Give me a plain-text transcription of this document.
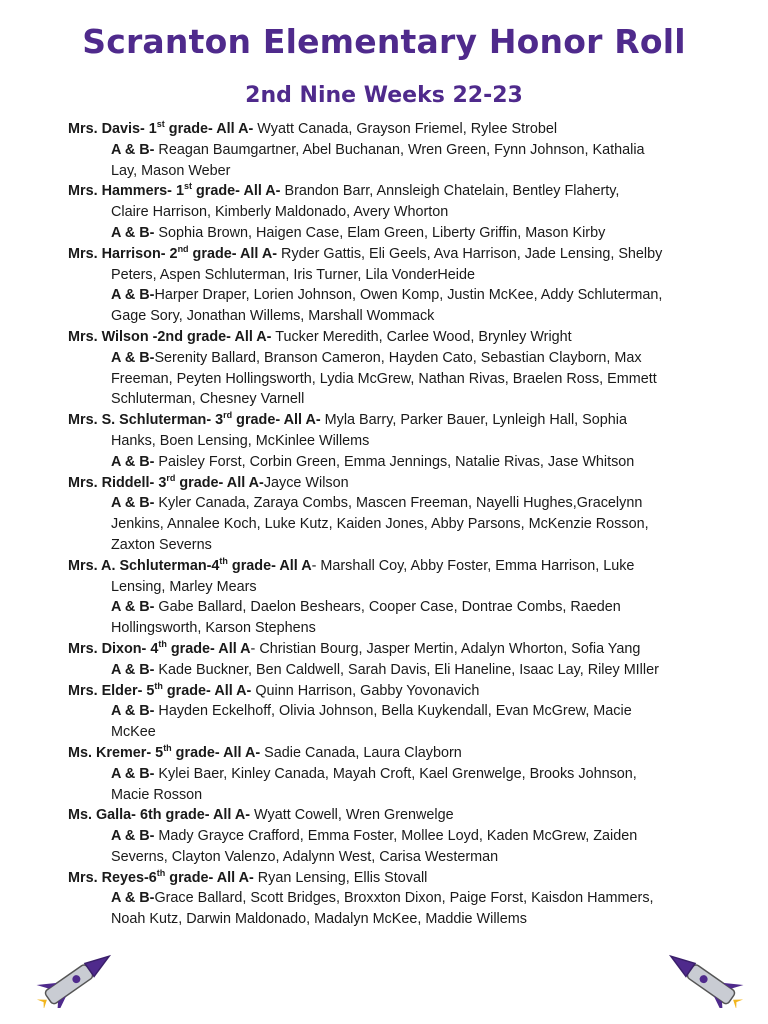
Scranton Elementary Honor Roll
2nd Nine Weeks 22-23
Mrs. Davis- 1st grade- All A- Wyatt Canada, Grayson Friemel, Rylee Strobel
A & B- Reagan Baumgartner, Abel Buchanan, Wren Green, Fynn Johnson, Kathalia
Lay, Mason Weber
Mrs. Hammers- 1st grade- All A- Brandon Barr, Annsleigh Chatelain, Bentley Flaherty,
Claire Harrison, Kimberly Maldonado, Avery Whorton
A & B- Sophia Brown, Haigen Case, Elam Green, Liberty Griffin, Mason Kirby
Mrs. Harrison- 2nd grade- All A- Ryder Gattis, Eli Geels, Ava Harrison, Jade Lensing, Shelby
Peters, Aspen Schluterman, Iris Turner, Lila VonderHeide
A & B-Harper Draper, Lorien Johnson, Owen Komp, Justin McKee, Addy Schluterman,
Gage Sory, Jonathan Willems, Marshall Wommack
Mrs. Wilson -2nd grade- All A- Tucker Meredith, Carlee Wood, Brynley Wright
A & B-Serenity Ballard, Branson Cameron, Hayden Cato, Sebastian Clayborn, Max
Freeman, Peyten Hollingsworth, Lydia McGrew, Nathan Rivas, Braelen Ross, Emmett
Schluterman, Chesney Varnell
Mrs. S. Schluterman- 3rd grade- All A- Myla Barry, Parker Bauer, Lynleigh Hall, Sophia
Hanks, Boen Lensing, McKinlee Willems
A & B- Paisley Forst, Corbin Green, Emma Jennings, Natalie Rivas, Jase Whitson
Mrs. Riddell- 3rd grade- All A-Jayce Wilson
A & B- Kyler Canada, Zaraya Combs, Mascen Freeman, Nayelli Hughes,Gracelynn
Jenkins, Annalee Koch, Luke Kutz, Kaiden Jones, Abby Parsons, McKenzie Rosson,
Zaxton Severns
Mrs. A. Schluterman-4th grade- All A- Marshall Coy, Abby Foster, Emma Harrison, Luke
Lensing, Marley Mears
A & B- Gabe Ballard, Daelon Beshears, Cooper Case, Dontrae Combs, Raeden
Hollingsworth, Karson Stephens
Mrs. Dixon- 4th grade- All A- Christian Bourg, Jasper Mertin, Adalyn Whorton, Sofia Yang
A & B- Kade Buckner, Ben Caldwell, Sarah Davis, Eli Haneline, Isaac Lay, Riley MIller
Mrs. Elder- 5th grade- All A- Quinn Harrison, Gabby Yovonavich
A & B- Hayden Eckelhoff, Olivia Johnson, Bella Kuykendall, Evan McGrew, Macie
McKee
Ms. Kremer- 5th grade- All A- Sadie Canada, Laura Clayborn
A & B- Kylei Baer, Kinley Canada, Mayah Croft, Kael Grenwelge, Brooks Johnson,
Macie Rosson
Ms. Galla- 6th grade- All A- Wyatt Cowell, Wren Grenwelge
A & B- Mady Grayce Crafford, Emma Foster, Mollee Loyd, Kaden McGrew, Zaiden
Severns, Clayton Valenzo, Adalynn West, Carisa Westerman
Mrs. Reyes-6th grade- All A- Ryan Lensing, Ellis Stovall
A & B-Grace Ballard, Scott Bridges, Broxxton Dixon, Paige Forst, Kaisdon Hammers,
Noah Kutz, Darwin Maldonado, Madalyn McKee, Maddie Willems
